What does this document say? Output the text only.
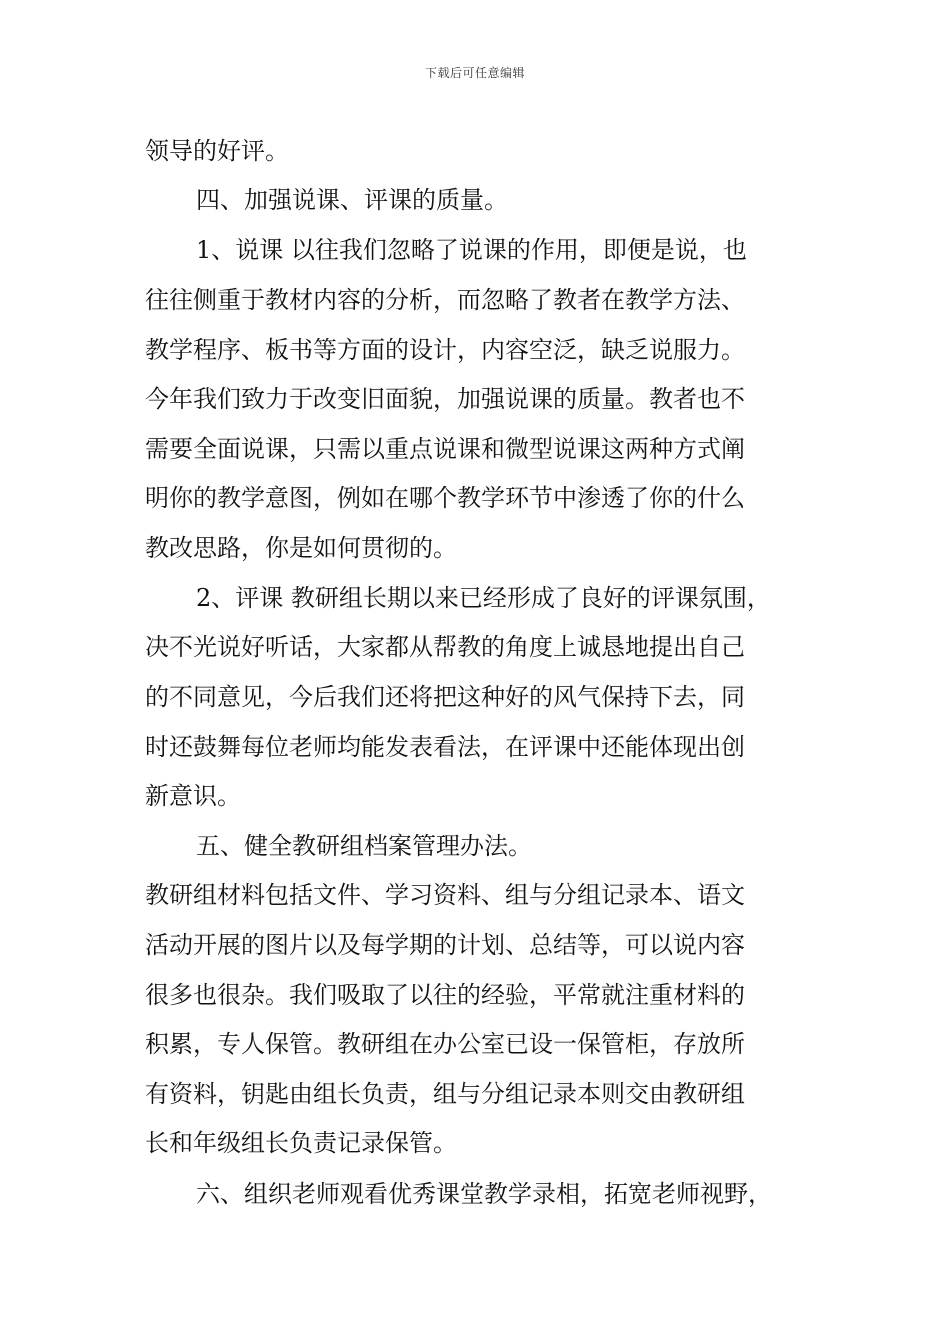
下载后可任意编辑
领导的好评。
四、加强说课、评课的质量。
1、说课 以往我们忽略了说课的作用，即便是说，也
往往侧重于教材内容的分析，而忽略了教者在教学方法、
教学程序、板书等方面的设计，内容空泛，缺乏说服力。
今年我们致力于改变旧面貌，加强说课的质量。教者也不
需要全面说课，只需以重点说课和微型说课这两种方式阐
明你的教学意图，例如在哪个教学环节中渗透了你的什么
教改思路，你是如何贯彻的。
2、评课 教研组长期以来已经形成了良好的评课氛围，
决不光说好听话，大家都从帮教的角度上诚恳地提出自己
的不同意见，今后我们还将把这种好的风气保持下去，同
时还鼓舞每位老师均能发表看法，在评课中还能体现出创
新意识。
五、健全教研组档案管理办法。
教研组材料包括文件、学习资料、组与分组记录本、语文
活动开展的图片以及每学期的计划、总结等，可以说内容
很多也很杂。我们吸取了以往的经验，平常就注重材料的
积累，专人保管。教研组在办公室已设一保管柜，存放所
有资料，钥匙由组长负责，组与分组记录本则交由教研组
长和年级组长负责记录保管。
六、组织老师观看优秀课堂教学录相，拓宽老师视野，
